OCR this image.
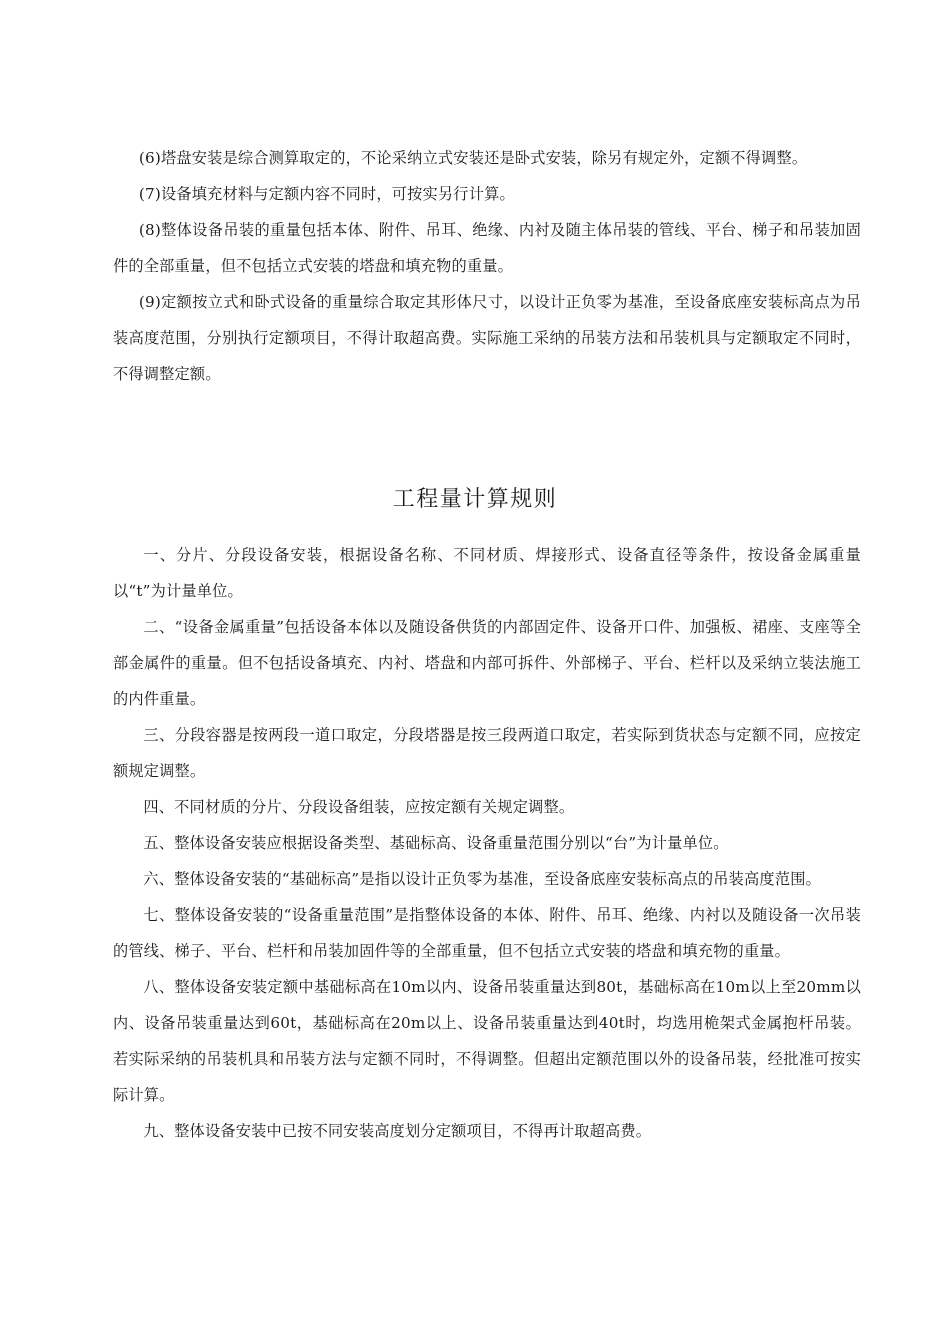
(6)塔盘安装是综合测算取定的，不论采纳立式安装还是卧式安装，除另有规定外，定额不得调整。

(7)设备填充材料与定额内容不同时，可按实另行计算。

(8)整体设备吊装的重量包括本体、附件、吊耳、绝缘、内衬及随主体吊装的管线、平台、梯子和吊装加固件的全部重量，但不包括立式安装的塔盘和填充物的重量。

(9)定额按立式和卧式设备的重量综合取定其形体尺寸，以设计正负零为基准，至设备底座安装标高点为吊装高度范围，分别执行定额项目，不得计取超高费。实际施工采纳的吊装方法和吊装机具与定额取定不同时，不得调整定额。

工程量计算规则

一、分片、分段设备安装，根据设备名称、不同材质、焊接形式、设备直径等条件，按设备金属重量以“t”为计量单位。

二、“设备金属重量”包括设备本体以及随设备供货的内部固定件、设备开口件、加强板、裙座、支座等全部金属件的重量。但不包括设备填充、内衬、塔盘和内部可拆件、外部梯子、平台、栏杆以及采纳立装法施工的内件重量。

三、分段容器是按两段一道口取定，分段塔器是按三段两道口取定，若实际到货状态与定额不同，应按定额规定调整。

四、不同材质的分片、分段设备组装，应按定额有关规定调整。

五、整体设备安装应根据设备类型、基础标高、设备重量范围分别以“台”为计量单位。

六、整体设备安装的“基础标高”是指以设计正负零为基准，至设备底座安装标高点的吊装高度范围。

七、整体设备安装的“设备重量范围”是指整体设备的本体、附件、吊耳、绝缘、内衬以及随设备一次吊装的管线、梯子、平台、栏杆和吊装加固件等的全部重量，但不包括立式安装的塔盘和填充物的重量。

八、整体设备安装定额中基础标高在10m以内、设备吊装重量达到80t，基础标高在10m以上至20mm以内、设备吊装重量达到60t，基础标高在20m以上、设备吊装重量达到40t时，均选用桅架式金属抱杆吊装。若实际采纳的吊装机具和吊装方法与定额不同时，不得调整。但超出定额范围以外的设备吊装，经批准可按实际计算。

九、整体设备安装中已按不同安装高度划分定额项目，不得再计取超高费。
